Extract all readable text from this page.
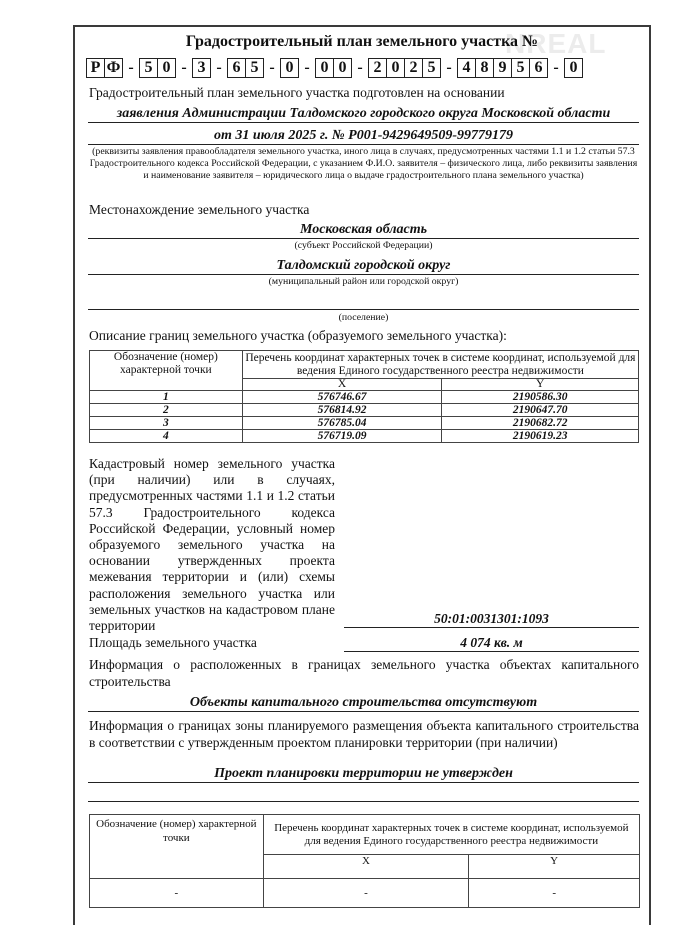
NREAL
Градостроительный план земельного участка №
Р Ф - 5 0 - 3 - 6 5 - 0 - 0 0 - 2 0 2 5 - 4 8 9 5 6 - 0
Градостроительный план земельного участка подготовлен на основании
заявления Администрации Талдомского городского округа Московской области
от 31 июля 2025 г. № P001-9429649509-99779179
(реквизиты заявления правообладателя земельного участка, иного лица в случаях, предусмотренных частями 1.1 и 1.2 статьи 57.3 Градостроительного кодекса Российской Федерации, с указанием Ф.И.О. заявителя – физического лица, либо реквизиты заявления и наименование заявителя – юридического лица о выдаче градостроительного плана земельного участка)
Местонахождение земельного участка
Московская область
(субъект Российской Федерации)
Талдомский городской округ
(муниципальный район или городской округ)
(поселение)
Описание границ земельного участка (образуемого земельного участка):
Обозначение (номер) характерной точки	Перечень координат характерных точек в системе координат, используемой для ведения Единого государственного реестра недвижимости	
	X	Y
1	576746.67	2190586.30
2	576814.92	2190647.70
3	576785.04	2190682.72
4	576719.09	2190619.23
Кадастровый номер земельного участка (при наличии) или в случаях, предусмотренных частями 1.1 и 1.2 статьи 57.3 Градостроительного кодекса Российской Федерации, условный номер образуемого земельного участка на основании утвержденных проекта межевания территории и (или) схемы расположения земельного участка или земельных участков на кадастровом плане территории	50:01:0031301:1093
Площадь земельного участка	4 074 кв. м
Информация о расположенных в границах земельного участка объектах капитального строительства
Объекты капитального строительства отсутствуют
Информация о границах зоны планируемого размещения объекта капитального строительства в соответствии с утвержденным проектом планировки территории (при наличии)
Проект планировки территории не утвержден
Обозначение (номер) характерной точки	Перечень координат характерных точек в системе координат, используемой для ведения Единого государственного реестра недвижимости	
	X	Y
-	-	-
